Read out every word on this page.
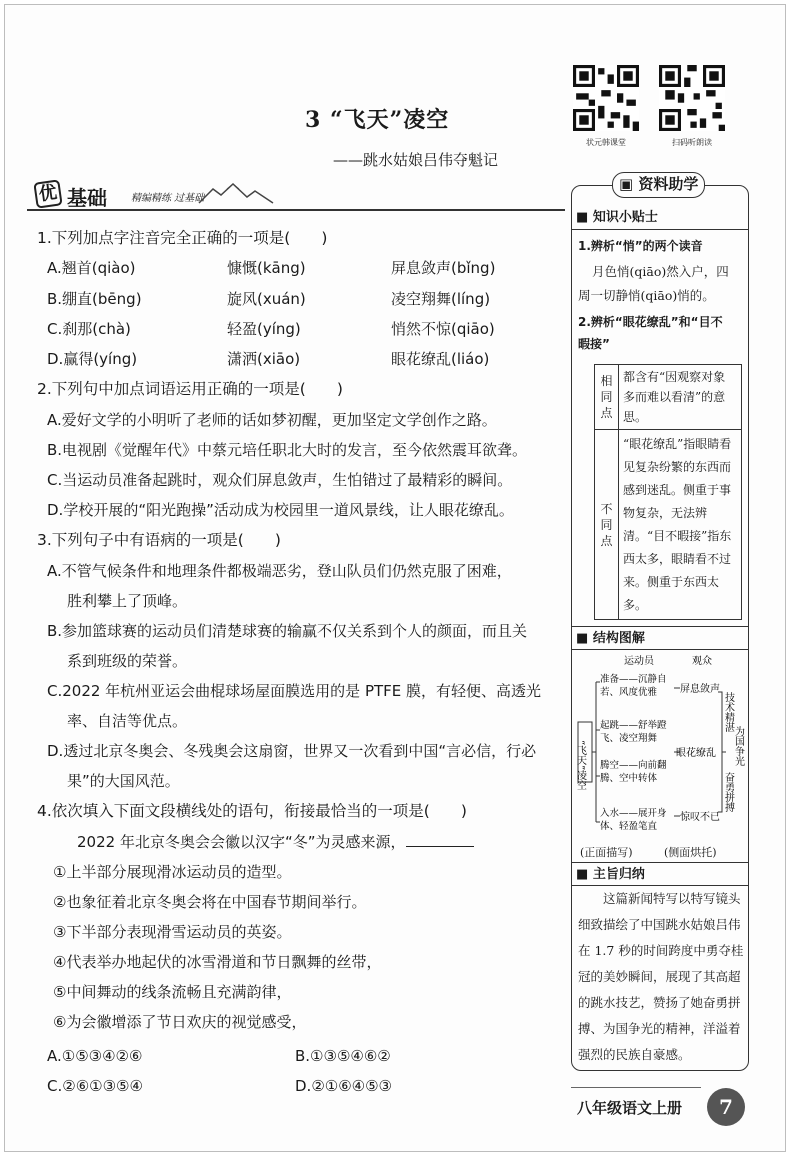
状元韩课堂	扫码听朗读
3 “飞天”凌空
——跳水姑娘吕伟夺魁记
优 基础 精编精练 过基础
1.下列加点字注音完全正确的一项是(　　)
A.翘首(qiào)	慷慨(kāng)	屏息敛声(bǐng)
B.绷直(bēng)	旋风(xuán)	凌空翔舞(líng)
C.刹那(chà)	轻盈(yíng)	悄然不惊(qiāo)
D.赢得(yíng)	潇洒(xiāo)	眼花缭乱(liáo)
2.下列句中加点词语运用正确的一项是(　　)
A.爱好文学的小明听了老师的话如梦初醒，更加坚定文学创作之路。
B.电视剧《觉醒年代》中蔡元培任职北大时的发言，至今依然震耳欲聋。
C.当运动员准备起跳时，观众们屏息敛声，生怕错过了最精彩的瞬间。
D.学校开展的“阳光跑操”活动成为校园里一道风景线，让人眼花缭乱。
3.下列句子中有语病的一项是(　　)
A.不管气候条件和地理条件都极端恶劣，登山队员们仍然克服了困难，
胜利攀上了顶峰。
B.参加篮球赛的运动员们清楚球赛的输赢不仅关系到个人的颜面，而且关
系到班级的荣誉。
C.2022 年杭州亚运会曲棍球场屋面膜选用的是 PTFE 膜，有轻便、高透光
率、自洁等优点。
D.透过北京冬奥会、冬残奥会这扇窗，世界又一次看到中国“言必信，行必
果”的大国风范。
4.依次填入下面文段横线处的语句，衔接最恰当的一项是(　　)
2022 年北京冬奥会会徽以汉字“冬”为灵感来源，
①上半部分展现滑冰运动员的造型。
②也象征着北京冬奥会将在中国春节期间举行。
③下半部分表现滑雪运动员的英姿。
④代表举办地起伏的冰雪滑道和节日飘舞的丝带，
⑤中间舞动的线条流畅且充满韵律，
⑥为会徽增添了节日欢庆的视觉感受，
A.①⑤③④②⑥	B.①③⑤④⑥②
C.②⑥①③⑤④	D.②①⑥④⑤③
▣ 资料助学
■ 知识小贴士
1.辨析“悄”的两个读音
月色悄(qiāo)然入户，四
周一切静悄(qiāo)悄的。
2.辨析“眼花缭乱”和“目不
暇接”
相同点	都含有“因观察对象多而难以看清”的意思。
不同点	“眼花缭乱”指眼睛看见复杂纷繁的东西而感到迷乱。侧重于事物复杂，无法辨清。“目不暇接”指东西太多，眼睛看不过来。侧重于东西太多。
■ 结构图解
运动员	观众
“飞天”凌空
准备——沉静自
若、风度优雅
起跳——舒举蹬
飞、凌空翔舞
腾空——向前翻
腾、空中转体
入水——展开身
体、轻盈笔直
屏息敛声
眼花缭乱
惊叹不已
技术精湛
为国争光
奋勇拼搏
(正面描写)	(侧面烘托)
■ 主旨归纳
这篇新闻特写以特写镜头细致描绘了中国跳水姑娘吕伟在 1.7 秒的时间跨度中勇夺桂冠的美妙瞬间，展现了其高超的跳水技艺，赞扬了她奋勇拼搏、为国争光的精神，洋溢着强烈的民族自豪感。
八年级语文上册	7
